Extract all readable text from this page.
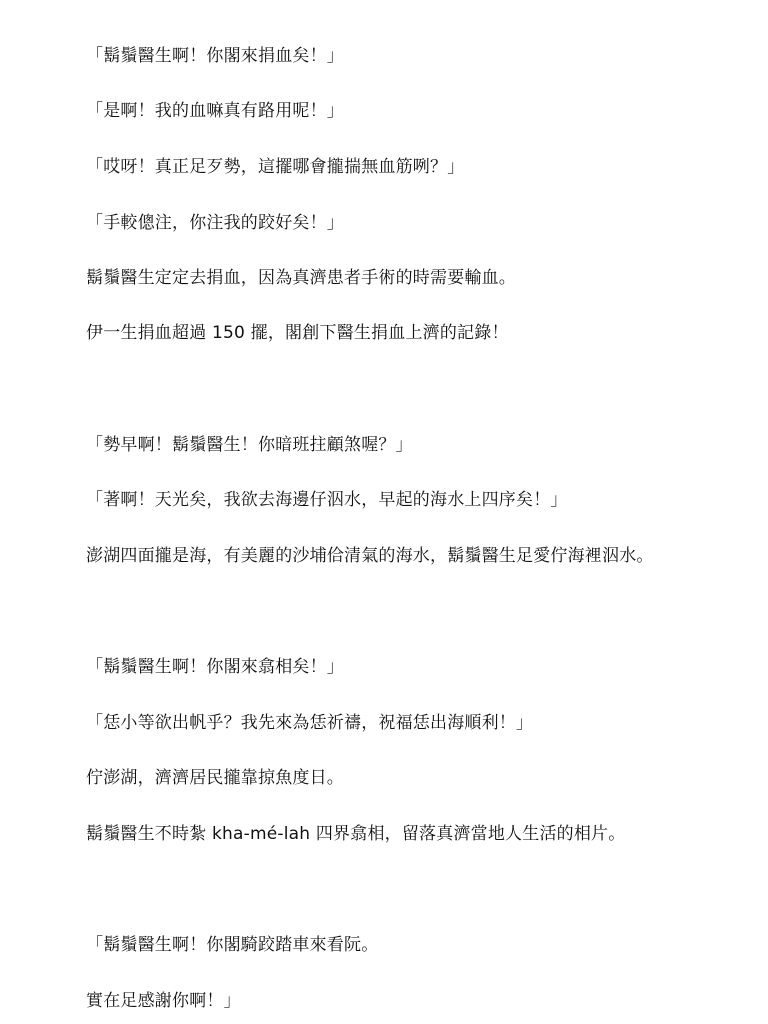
「鬍鬚醫生啊！你閣來捐血矣！」
「是啊！我的血嘛真有路用呢！」
「哎呀！真正足歹勢，這擺哪會攏揣無血筋咧？」
「手較傯注，你注我的跤好矣！」
鬍鬚醫生定定去捐血，因為真濟患者手術的時需要輸血。
伊一生捐血超過 150 擺，閣創下醫生捐血上濟的記錄！
「勢早啊！鬍鬚醫生！你暗班拄顧煞喔？」
「著啊！天光矣，我欲去海邊仔泅水，早起的海水上四序矣！」
澎湖四面攏是海，有美麗的沙埔佮清氣的海水，鬍鬚醫生足愛佇海裡泅水。
「鬍鬚醫生啊！你閣來翕相矣！」
「恁小等欲出帆乎？我先來為恁祈禱，祝福恁出海順利！」
佇澎湖，濟濟居民攏靠掠魚度日。
鬍鬚醫生不時紮 kha-mé-lah 四界翕相，留落真濟當地人生活的相片。
「鬍鬚醫生啊！你閣騎跤踏車來看阮。
實在足感謝你啊！」
